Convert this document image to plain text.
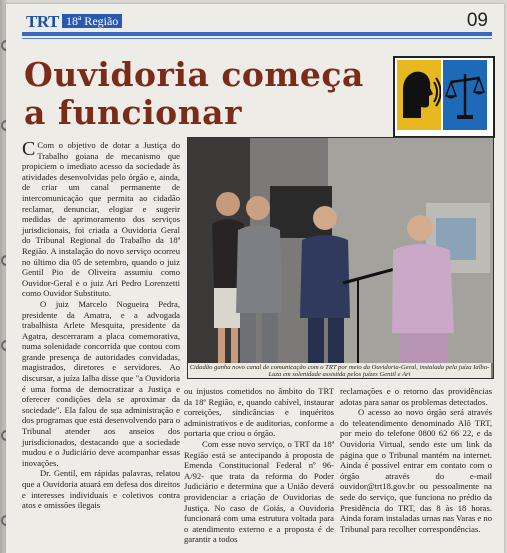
TRT 18ª Região	09
Ouvidoria começa
a funcionar

C Com o objetivo de dotar a Justiça do Trabalho goiana de mecanismo que propiciem o imediato acesso da sociedade às atividades desenvolvidas pelo órgão e, ainda, de criar um canal permanente de intercomunicação que permita ao cidadão reclamar, denunciar, elogiar e sugerir medidas de aprimoramento dos serviços jurisdicionais, foi criada a Ouvidoria Geral do Tribunal Regional do Trabalho da 18ª Região. A instalação do novo serviço ocorreu no último dia 05 de setembro, quando o juiz Gentil Pio de Oliveira assumiu como Ouvidor-Geral e o juiz Ari Pedro Lorenzetti como Ouvidor Substituto.

O juiz Marcelo Nogueira Pedra, presidente da Amatra, e a advogada trabalhista Arlete Mesquita, presidente da Agatra, descerraram a placa comemorativa, numa solenidade concorrida que contou com grande presença de autoridades convidadas, magistrados, diretores e servidores. Ao discursar, a juíza Ialba disse que "a Ouvidoria é uma forma de democratizar a Justiça e oferecer condições dela se aproximar da sociedade". Ela falou de sua administração e dos programas que está desenvolvendo para o Tribunal atender aos anseios dos jurisdicionados, destacando que a sociedade mudou e o Judiciário deve acompanhar essas inovações.

Dr. Gentil, em rápidas palavras, relatou que a Ouvidoria atuará em defesa dos direitos e interesses individuais e coletivos contra atos e omissões ilegais

Cidadão ganha novo canal de comunicação com o TRT por meio da Ouvidoria-Geral, instalada pela juíza Ialba-Luza em solenidade assistida pelos juízes Gentil e Ari

ou injustos cometidos no âmbito do TRT da 18ª Região, e, quando cabível, instaurar correições, sindicâncias e inquéritos administrativos e de auditorias, conforme a portaria que criou o órgão.

Com esse novo serviço, o TRT da 18ª Região está se antecipando à proposta de Emenda Constitucional Federal nº 96-A/92- que trata da reforma do Poder Judiciário e determina que a União deverá providenciar a criação de Ouvidorias de Justiça. No caso de Goiás, a Ouvidoria funcionará com uma estrutura voltada para o atendimento externo e a proposta é de garantir a todos

reclamações e o retorno das providências adotas para sanar os problemas detectados.

O acesso ao novo órgão será através do teleatendimento denominado Alô TRT, por meio do telefone 0800 62 66 22, e da Ouvidoria Virtual, sendo este um link da página que o Tribunal mantém na internet. Ainda é possível entrar em contato com o órgão através do e-mail ouvidor@trt18.gov.br ou pessoalmente na sede do serviço, que funciona no prédio da Presidência do TRT, das 8 às 18 horas. Ainda foram instaladas urnas nas Varas e no Tribunal para recolher correspondências.
